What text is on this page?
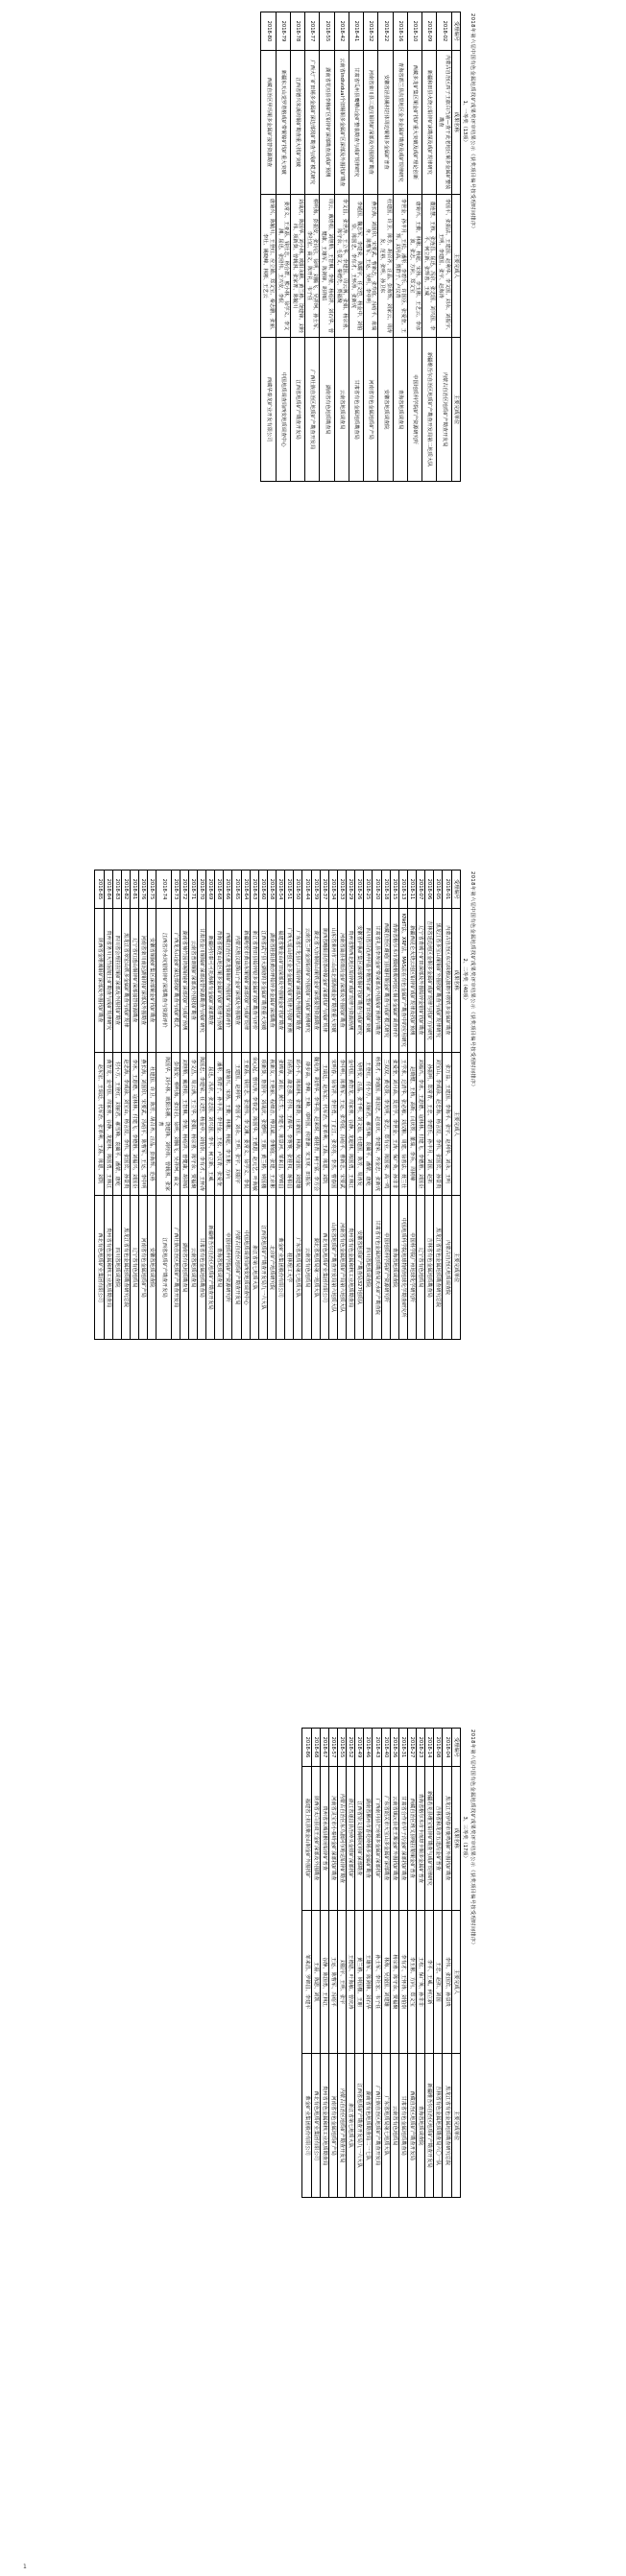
2018年第六届中国有色金属地质找矿成果奖评审结果公示（获奖项目编号按受理时间排序）
1、一等奖（13项）
受理编号	成果名称	主要完成人	主要完成单位
2018-02	内蒙古自治区四子王旗白乃庙—查干此老地区铜多金属矿整装勘查	李国平、张振法、王建国、赵利华、李文国、刘永、刘振宇、王明、李建国、张宇、赵海涛	内蒙古自治区地质矿产勘查开发局
2018-09	新疆和田县火烧云铅锌矿床勘探及成矿规律研究	董连慧、王核、张连昌、屈迅、冯京、张志国、刘兴国、李平、何立新、张辉善、王威	新疆维吾尔自治区地质矿产勘查开发局第二地质大队
2018-10	西藏多龙矿集区铜金矿找矿重大突破及成矿理论创新	唐菊兴、王勤、林彬、杨超、宋扬、李玉彬、王艺云、李彦波、张志、方向、郑文宝	中国地质科学院矿产资源研究所
2018-16	青海省都兰县沟里地区金多金属矿勘查及成矿规律研究	李世金、孙丰月、王松、潘彤、李碧乐、许国臣、张爱奎、王辉、刘月高、贾群子、卢汉青	青海省地质调查局
2018-22	安徽省泾县姚村岩体周边铜钼多金属矿普查	杜建国、许卫、陈芳、胡召齐、汪晶、彭海辉、刘家云、周涛发、范裕、张明、孙卫东	安徽省地质调查院
2018-32	河南省栾川县三道庄钼钨矿深部及外围找矿勘查	燕长海、刘国印、宋要武、曹新志、张寿庭、冯绍平、毋瑞身、陈曹军、王运、吴明、李中明	河南省有色金属地质矿产局
2018-41	甘肃省瓜州县鹰嘴山金矿整装勘查与成矿规律研究	李通国、魏志军、李建荣、陈耀宇、任文恺、杨金中、刘伯崇、陈国忠、李有才、王怀涛、张新虎	甘肃省有色金属地质勘查局
2018-42	云南省individual个旧锡铜多金属矿区深部及外围找矿勘查	李文昌、张世涛、王立华、李建国、周云满、张娟、杨宗喜、陈守余、毛景文、秦德先、贾福聚	云南省地质调查局
2018-55	湖南省花垣县李梅矿区铅锌矿深部勘查及成矿预测	周云、戴塔根、刘继顺、王智琳、李堃、杨绍祥、刘石华、曾健康、王雄军、陈剑锋、胡祥昭	湖南省有色地质勘查局
2018-77	广西大厂矿田锡多金属矿深边部找矿勘查与成矿模式研究	蔡明海、彭振安、张诗启、徐明、刘腾飞、吴祥珂、孙士军、李社宏、高文、陈开礼、韦子任	广西壮族自治区地质矿产勘查开发局
2018-78	江西省德兴朱溪钨铜矿勘查重大找矿突破	刘战庆、陈国华、刘小林、欧阳永棚、黄兰椿、饶建锋、刘经纬、项新葵、曾载淋、张家菁、陈毓川	江西省地质矿产勘查开发局
2018-79	新疆东天山觉罗塔格成矿带铜镍矿找矿重大突破	姜常义、王亚磊、钱壮志、杨合群、熊小林、徐学义、李文渊、屈迅、张照伟、王兴安、李侃	中国地质调查局西安地质调查中心
2018-80	西藏自治区甲玛铜多金属矿接替资源勘查	唐菊兴、陈毓川、王登红、应立娟、郑文宝、秦志鹏、张丽、李壮、姚晓峰、林彬、王艺云	西藏华泰龙矿业开发有限公司
2018年第六届中国有色金属地质找矿成果奖评审结果公示（获奖项目编号按受理时间排序）
2、二等奖（40项）
受理编号	成果名称	主要完成人	主要完成单位
2018-01	内蒙古自治区东乌珠穆沁旗朝不楞铁多金属矿勘查	张万益、王建国、李海平、张宇、赵利华、刘永、王明	内蒙古自治区地质调查院
2018-05	黑龙江省多宝山铜钼矿外围找矿勘查与成矿规律研究	刘宝山、李成禄、赵忠海、杨言辰、李伟、张国宾、孙景贵	黑龙江省有色金属地质勘查研究总院
2018-06	吉林省延边地区金铜多金属矿成矿规律与找矿方向研究	孙振明、郑常青、王忠、李碧乐、孙丰月、刘国、赵拓	吉林省有色金属地质勘查局
2018-07	辽宁省青城子矿田深部及外围铅锌金银矿找矿勘查	刘福兴、李冰、王恩德、寇林林、付建飞、李德胜、刘国臣	辽宁省有色地质局
2018-11	新疆西昆仑火烧云地区铅锌矿成矿规律及找矿预测	赵晓健、王核、高昕、闫庆贺、董瑞、李兵、周树峰	中国科学院广州地球化学研究所
2018-13	KNdT法、XRF法、MAS法在有色金属矿产勘查中的应用研究	王学求、迟清华、张必敏、刘汉粮、周建、徐善法、聂兰仕	中国地质科学院地球物理地球化学勘查研究所
2018-15	青海省格尔木市那陵格勒河地区铜多金属矿调查评价	张爱奎、刘月高、莫宣学、李世金、王涛、保广英、孙非非	青海省地质调查院
2018-18	西藏自治区谢通门县雄村铜金矿勘查与成矿模式研究	兰双双、黄克贤、李光明、张志、郑有业、陈国荣、高一鸣	中国地质科学院矿产资源研究所
2018-20	甘肃省礼县李坝金矿带深部及外围成矿预测与勘查	杨贵才、李通国、陈国忠、赵彦庆、李建荣、齐金忠、张新虎	甘肃省有色金属地质勘查局天水矿产勘查院
2018-25	四川省甘孜州甲基卡锂辉石矿大型矿田找矿突破	王登红、付小方、刘丽君、郝雪峰、袁蔺平、潘蒙、唐屹	四川省地质调查院
2018-26	安徽省庐枞矿集区深部铁铜矿找矿勘查与成矿研究	吴明安、汪晶、张千明、刘文灿、杜建国、陈芳、周涛发	安徽省地质矿产勘查局327地质队
2018-29	贵州省黔西北地区铅锌矿成矿规律与资源预测	金中国、黄智龙、周家喜、谷静、龙超林、陈国勇、王林江	贵州省有色金属和核工业地质勘查局
2018-33	河南省嵩县祁雨沟金矿深部及外围找矿勘查	李中明、陈曹军、王运、张寿庭、冯绍平、曹新志、宋要武	河南省有色金属地质矿产局第六地质大队
2018-34	山东省莱州市三山岛北部海域金矿勘查重大突破	宋明春、徐军祥、李世勇、丁正江、张亮亮、李杰、曹春国	山东省地质矿产勘查开发局第六地质大队
2018-37	陕西省略阳县煎茶岭镍金矿深部找矿与成矿规律	王瑞廷、赵东宏、代军治、张革利、王磊、陈恩、刘凯	西北有色地质矿业集团有限公司
2018-39	湖北省大冶铜绿山铜铁金矿深部接替资源勘查	魏克涛、胡清华、李华亮、赵来时、谢桂青、柯于富、李方会	湖北省地质局第一地质大队
2018-44	云南省兰坪金顶铅锌矿外围找矿与成矿预测研究	薛步高、李峰、王峰、邓明国、侯增谦、宋玉财、田振东	云南省有色地质局
2018-50	广东省仁化县凡口铅锌矿深部及外围找矿勘查	邱小平、陈柏林、张德贤、庄新国、林海、吴淦国、刘建雄	广东省地质局第七地质大队
2018-51	广西大瑶山地区金多金属矿成矿规律与找矿预测	冯佐海、康志强、付伟、王葆华、李赛赛、张桂权、蒋柏昌	桂林理工大学
2018-54	福建省紫金山矿田深部及外围铜金矿找矿勘查	张锦章、刘羽、黄仁生、李建平、陈景河、邹来昌、罗锦昌	紫金矿业集团股份有限公司
2018-58	湖南省桂阳县黄沙坪铅锌多金属矿深部勘查	祝新友、王艳丽、程细音、傅其斌、李顺庭、张建、王京彬	北京矿产地质研究院
2018-60	江西省武宁县大湖塘钨多金属矿勘查重大突破	项新葵、詹国年、刘战庆、张德明、王朋、黄兰椿、钟国楼	江西省地质矿产勘查开发局九一六大队
2018-63	浙江省青田县铅锌银多金属矿找矿勘查与评价	余心起、曾庆涛、李春忠、陈国华、王德恩、赵元艺、叶海敏	浙江省第七地质大队
2018-64	新疆哈密市黄山东铜镍矿深部找矿与成矿规律	王亚磊、钱壮志、张照伟、李文渊、姜常义、徐学义、李侃	中国地质调查局西安地质调查中心
2018-65	内蒙古敖汉旗撰山子金矿深部及外围勘查	王建国、赵利华、李国平、刘永、王明、张宇、刘振宇	内蒙古自治区地质矿产勘查开发局
2018-66	西藏自治区驱龙铜钼矿外围找矿与资源评价	唐菊兴、宋扬、王勤、林彬、杨超、李玉彬、方向	中国地质科学院矿产资源研究所
2018-68	青海省祁连山地区铜多金属矿成矿规律与预测	潘彤、贾群子、孙丰月、李世金、王松、卢汉青、张爱奎	青海省地质调查局
2018-69	新疆阿尔泰可可托海稀有金属矿深部勘查	屈迅、冯京、张志国、刘兴国、李平、何立新、王威	新疆维吾尔自治区地质矿产勘查开发局
2018-70	甘肃省金川铜镍矿深部接替资源勘查与成矿研究	陈国忠、李建荣、任文恺、杨金中、刘伯崇、李有才、王怀涛	甘肃省有色金属地质勘查局
2018-71	云南省普朗铜矿深部及外围找矿勘查	李文昌、周云满、王立华、张娟、杨宗喜、陈守余、贾福聚	云南省地质调查局
2018-72	湖南省柿竹园钨锡钼铋矿深部找矿与成矿预测	刘继顺、戴塔根、王智琳、李堃、杨绍祥、曾健康、胡祥昭	湖南省有色地质勘查局
2018-73	广西龙头山金矿深边部找矿勘查与成矿模式	彭振安、蔡明海、张诗启、徐明、刘腾飞、吴祥珂、高文	广西壮族自治区地质矿产勘查开发局
2018-74	江西省冷水坑银铅锌矿深部勘查与资源评价	陈国华、刘小林、欧阳永棚、饶建锋、刘经纬、曾载淋、张家菁	江西省地质矿产勘查开发局
2018-75	安徽省铜陵矿集区深部铜金矿找矿勘查	杜建国、许卫、陈芳、胡召齐、汪晶、彭海辉、范裕	安徽省地质调查院
2018-76	河南省栾川南泥湖钼钨矿深部及外围勘查	燕长海、刘国印、宋要武、冯绍平、陈曹军、王运、李中明	河南省有色金属地质矿产局
2018-81	辽宁省红透山铜锌矿深部接替资源勘查	李冰、王恩德、寇林林、付建飞、李德胜、刘福兴、刘国臣	辽宁省有色地质局
2018-82	黑龙江省翠宏山铁多金属矿勘查与成矿规律	赵忠海、李成禄、刘宝山、杨言辰、李伟、张国宾、孙景贵	黑龙江省有色金属地质勘查研究总院
2018-83	四川省会理拉拉铜矿深部及外围找矿勘查	付小方、王登红、刘丽君、郝雪峰、袁蔺平、潘蒙、唐屹	四川省地质调查院
2018-84	贵州省务川大竹园铝土矿勘查与成矿规律研究	黄智龙、金中国、周家喜、谷静、龙超林、陈国勇、王林江	贵州省有色金属和核工业地质勘查局
2018-85	陕西省金堆城钼矿深部及外围找矿勘查	赵东宏、王瑞廷、代军治、张革利、王磊、陈恩、刘凯	西北有色地质矿业集团有限公司
2018年第六届中国有色金属地质找矿成果奖评审结果公示（获奖项目编号按受理时间排序）
3、三等奖（17项）
受理编号	成果名称	主要完成人	主要完成单位
2018-04	黑龙江省伊春市鹿鸣钼矿外围找矿勘查	李伟、张国宾、孙景贵	黑龙江省有色金属地质勘查研究总院
2018-08	吉林省和龙市五道沟金矿普查	王忠、赵拓、刘国	吉林省有色金属地质勘查局六〇一队
2018-14	新疆若羌县维宝铅锌矿勘查与成矿规律研究	李平、王威、何立新	新疆维吾尔自治区地质矿产勘查开发局
2018-23	青海省格尔木市卡而却卡铜多金属矿普查	王松、保广英、孙非非	青海省地质调查院
2018-27	西藏自治区班戈县嘎拉勒铜金矿普查	李玉彬、方向、郑文宝	西藏自治区地质矿产勘查开发局
2018-31	甘肃省合作市早子沟金矿深部找矿勘查	李有才、王怀涛、刘伯崇	甘肃省有色金属地质勘查局
2018-36	云南省镇沅县老王寨金矿外围找矿勘查	杨宗喜、陈守余、贾福聚	云南省有色地质局
2018-40	广东省韶关市大宝山多金属矿深部勘查	林海、吴淦国、刘建雄	广东省地质局第七地质大队
2018-43	广西南丹县芒场锡多金属矿深部找矿	孙士军、李社宏、韦子任	广西壮族自治区地质矿产勘查开发局
2018-46	湖南省郴州市香花岭锡多金属矿勘查	王雄军、陈剑锋、刘石华	湖南省有色地质勘查局二一七队
2018-49	江西省崇义县淘锡坑钨矿深部勘查	黄兰椿、钟国楼、王朋	江西省地质矿产勘查开发局九一六大队
2018-52	浙江省遂昌县治岭头金银矿深部找矿	王德恩、叶海敏、曾庆涛	浙江省第七地质大队
2018-55	内蒙古自治区东乌旗阿尔哈达铅锌矿勘查	刘振宇、王明、张宇	内蒙古自治区地质矿产勘查开发局
2018-57	河南省灵宝市小秦岭金矿深部找矿勘查	王运、陈曹军、冯绍平	河南省有色金属地质矿产局
2018-67	贵州省水城县猴场铅锌矿普查	谷静、陈国勇、王林江	贵州省有色金属和核工业地质勘查局
2018-68	陕西省太白县双王金矿深部及外围勘查	王磊、陈恩、刘凯	西北有色地质矿业集团有限公司
2018-86	福建省上杭县紫金山铜金矿外围找矿	邹来昌、罗锦昌、李建平	紫金矿业集团股份有限公司
1
